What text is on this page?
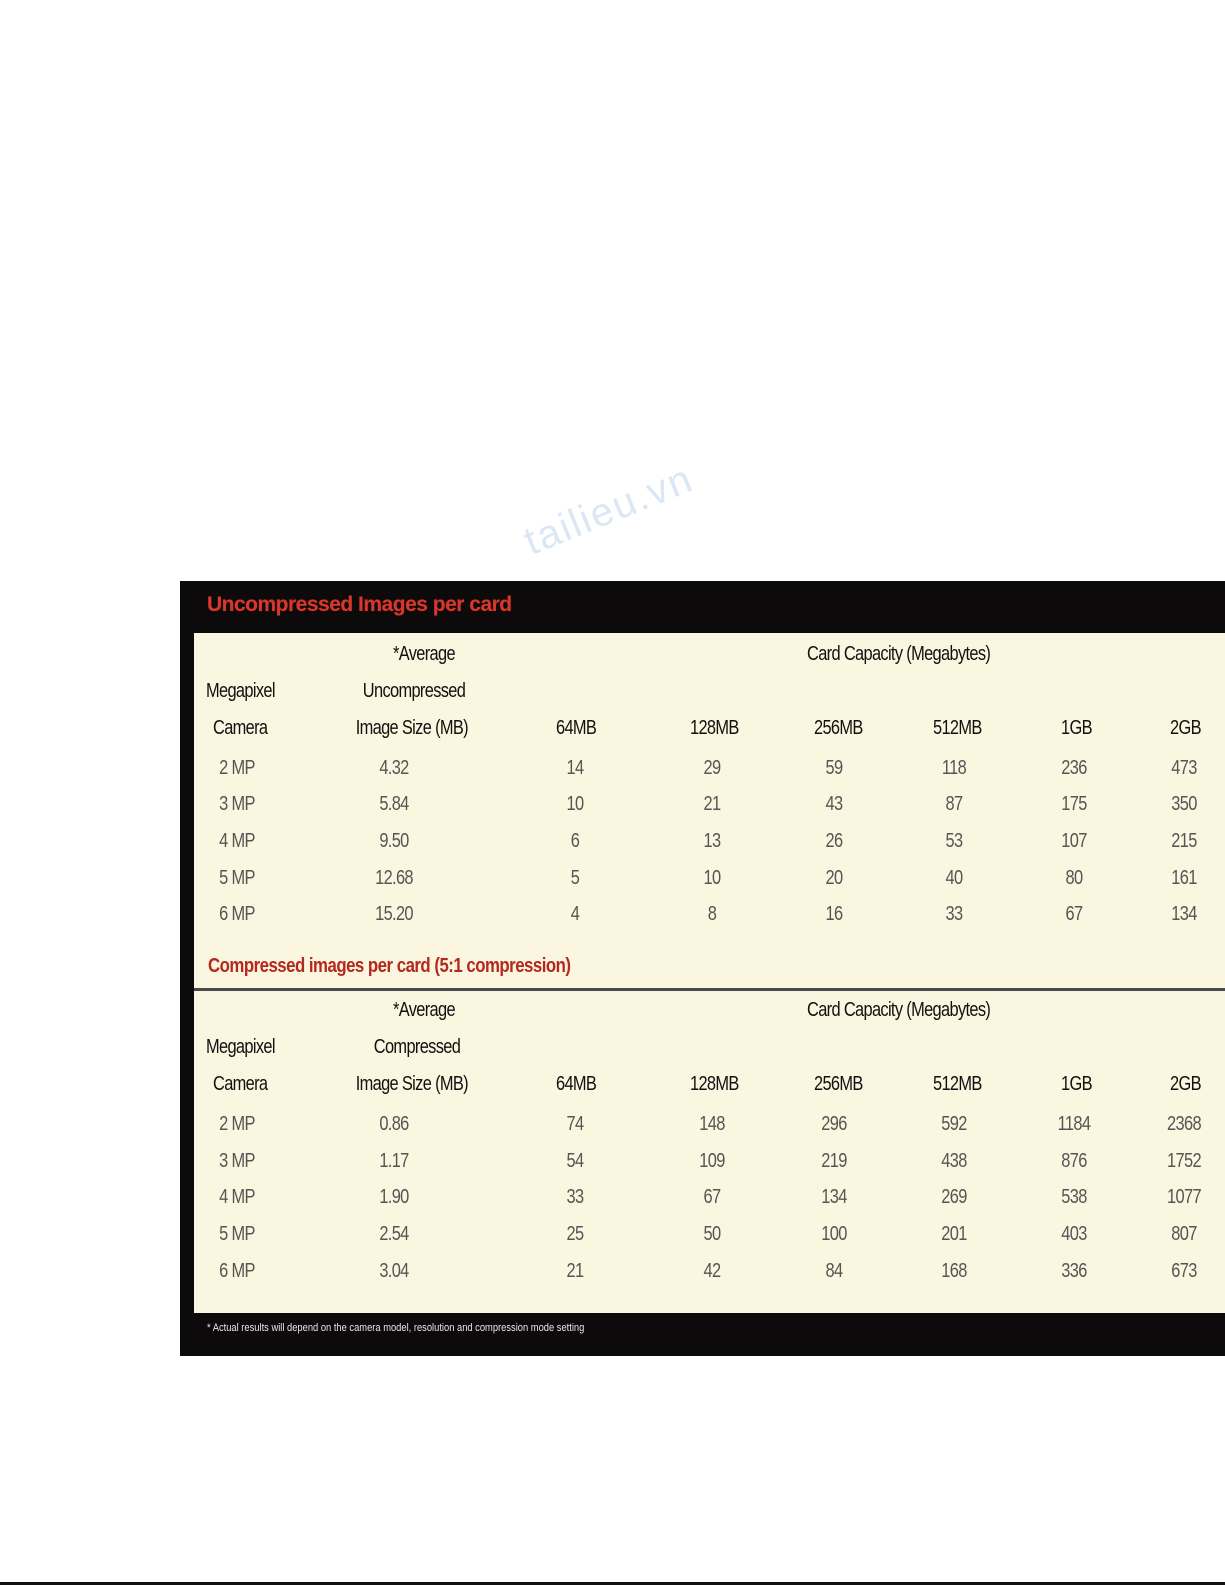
tailieu.vn
Uncompressed Images per card
*Average
Uncompressed
Image Size (MB)
Megapixel
Camera
Card Capacity (Megabytes)
64MB	128MB	256MB	512MB	1GB	2GB
2 MP	4.32	14	29	59	118	236	473
3 MP	5.84	10	21	43	87	175	350
4 MP	9.50	6	13	26	53	107	215
5 MP	12.68	5	10	20	40	80	161
6 MP	15.20	4	8	16	33	67	134
Compressed images per card (5:1 compression)
*Average
Compressed
Image Size (MB)
Megapixel
Camera
Card Capacity (Megabytes)
64MB	128MB	256MB	512MB	1GB	2GB
2 MP	0.86	74	148	296	592	1184	2368
3 MP	1.17	54	109	219	438	876	1752
4 MP	1.90	33	67	134	269	538	1077
5 MP	2.54	25	50	100	201	403	807
6 MP	3.04	21	42	84	168	336	673
* Actual results will depend on the camera model, resolution and compression mode setting
